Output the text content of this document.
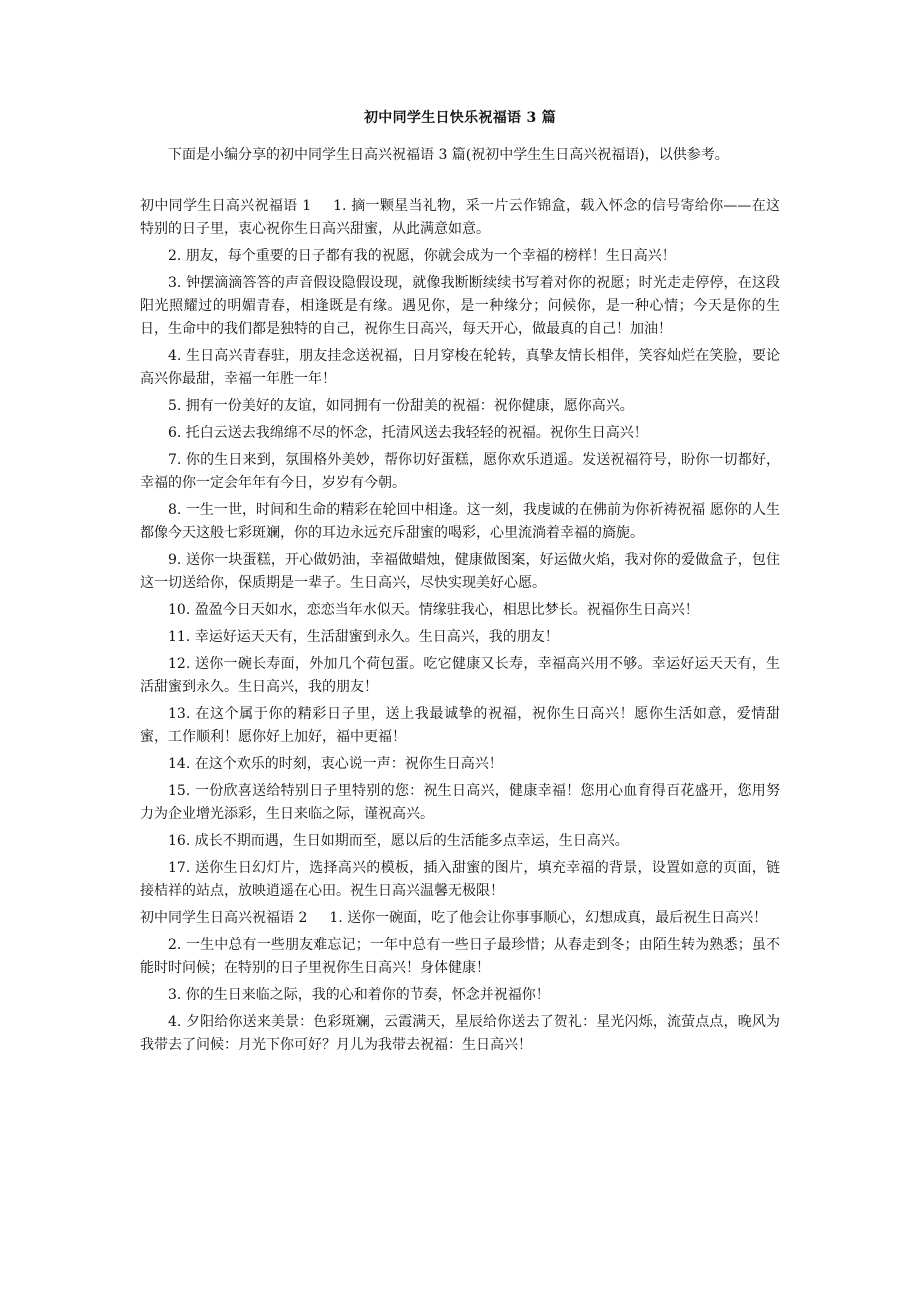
初中同学生日快乐祝福语 3 篇

下面是小编分享的初中同学生日高兴祝福语 3 篇(祝初中学生生日高兴祝福语)，以供参考。

初中同学生日高兴祝福语 1 1. 摘一颗星当礼物，采一片云作锦盒，载入怀念的信号寄给你——在这特别的日子里，衷心祝你生日高兴甜蜜，从此满意如意。

2. 朋友，每个重要的日子都有我的祝愿，你就会成为一个幸福的榜样！生日高兴！

3. 钟摆滴滴答答的声音假设隐假设现，就像我断断续续书写着对你的祝愿；时光走走停停，在这段阳光照耀过的明媚青春，相逢既是有缘。遇见你，是一种缘分；问候你，是一种心情；今天是你的生日，生命中的我们都是独特的自己，祝你生日高兴，每天开心，做最真的自己！加油！

4. 生日高兴青春驻，朋友挂念送祝福，日月穿梭在轮转，真挚友情长相伴，笑容灿烂在笑脸，要论高兴你最甜，幸福一年胜一年！

5. 拥有一份美好的友谊，如同拥有一份甜美的祝福：祝你健康，愿你高兴。

6. 托白云送去我绵绵不尽的怀念，托清风送去我轻轻的祝福。祝你生日高兴！

7. 你的生日来到，氛围格外美妙，帮你切好蛋糕，愿你欢乐逍遥。发送祝福符号，盼你一切都好，幸福的你一定会年年有今日，岁岁有今朝。

8. 一生一世，时间和生命的精彩在轮回中相逢。这一刻，我虔诚的在佛前为你祈祷祝福 愿你的人生都像今天这般七彩斑斓，你的耳边永远充斥甜蜜的喝彩，心里流淌着幸福的旖旎。

9. 送你一块蛋糕，开心做奶油，幸福做蜡烛，健康做图案，好运做火焰，我对你的爱做盒子，包住这一切送给你，保质期是一辈子。生日高兴，尽快实现美好心愿。

10. 盈盈今日天如水，恋恋当年水似天。情缘驻我心，相思比梦长。祝福你生日高兴！

11. 幸运好运天天有，生活甜蜜到永久。生日高兴，我的朋友！

12. 送你一碗长寿面，外加几个荷包蛋。吃它健康又长寿，幸福高兴用不够。幸运好运天天有，生活甜蜜到永久。生日高兴，我的朋友！

13. 在这个属于你的精彩日子里，送上我最诚挚的祝福，祝你生日高兴！愿你生活如意，爱情甜蜜，工作顺利！愿你好上加好，福中更福！

14. 在这个欢乐的时刻，衷心说一声：祝你生日高兴！

15. 一份欣喜送给特别日子里特别的您：祝生日高兴，健康幸福！您用心血育得百花盛开，您用努力为企业增光添彩，生日来临之际，谨祝高兴。

16. 成长不期而遇，生日如期而至，愿以后的生活能多点幸运，生日高兴。

17. 送你生日幻灯片，选择高兴的模板，插入甜蜜的图片，填充幸福的背景，设置如意的页面，链接桔祥的站点，放映逍遥在心田。祝生日高兴温馨无极限！

初中同学生日高兴祝福语 2 1. 送你一碗面，吃了他会让你事事顺心，幻想成真，最后祝生日高兴！

2. 一生中总有一些朋友难忘记；一年中总有一些日子最珍惜；从春走到冬；由陌生转为熟悉；虽不能时时问候；在特别的日子里祝你生日高兴！身体健康！

3. 你的生日来临之际，我的心和着你的节奏，怀念并祝福你！

4. 夕阳给你送来美景：色彩斑斓，云霞满天，星辰给你送去了贺礼：星光闪烁，流萤点点，晚风为我带去了问候：月光下你可好？月儿为我带去祝福：生日高兴！
